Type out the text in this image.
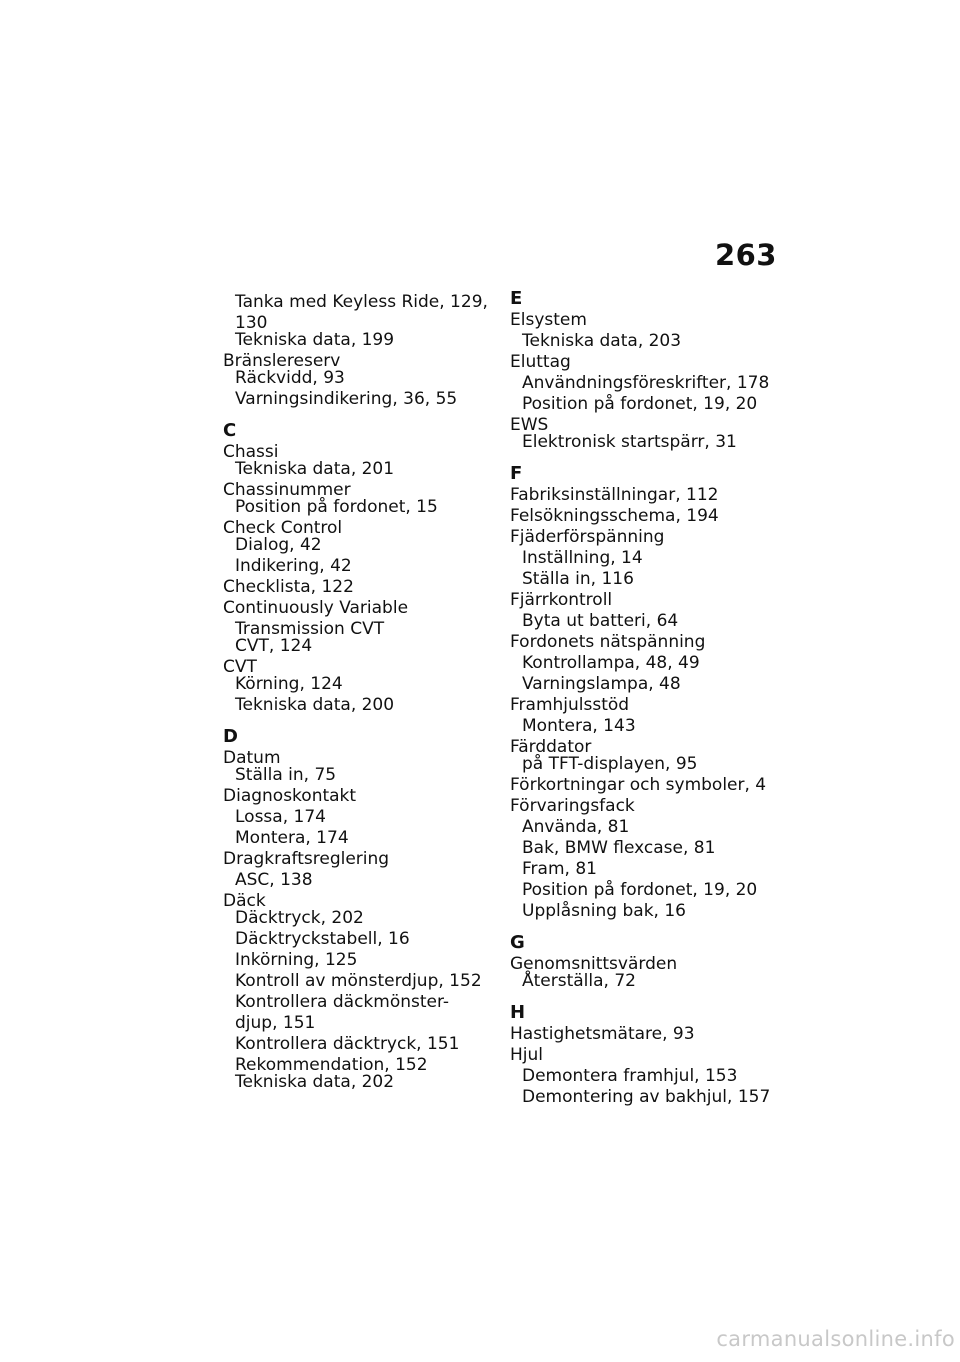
263
Tanka med Keyless Ride, 129,
130
Tekniska data, 199
Bränslereserv
Räckvidd, 93
Varningsindikering, 36, 55
C
Chassi
Tekniska data, 201
Chassinummer
Position på fordonet, 15
Check Control
Dialog, 42
Indikering, 42
Checklista, 122
Continuously Variable
Transmission CVT
CVT, 124
CVT
Körning, 124
Tekniska data, 200
D
Datum
Ställa in, 75
Diagnoskontakt
Lossa, 174
Montera, 174
Dragkraftsreglering
ASC, 138
Däck
Däcktryck, 202
Däcktryckstabell, 16
Inkörning, 125
Kontroll av mönsterdjup, 152
Kontrollera däckmönster-
djup, 151
Kontrollera däcktryck, 151
Rekommendation, 152
Tekniska data, 202
E
Elsystem
Tekniska data, 203
Eluttag
Användningsföreskrifter, 178
Position på fordonet, 19, 20
EWS
Elektronisk startspärr, 31
F
Fabriksinställningar, 112
Felsökningsschema, 194
Fjäderförspänning
Inställning, 14
Ställa in, 116
Fjärrkontroll
Byta ut batteri, 64
Fordonets nätspänning
Kontrollampa, 48, 49
Varningslampa, 48
Framhjulsstöd
Montera, 143
Färddator
på TFT-displayen, 95
Förkortningar och symboler, 4
Förvaringsfack
Använda, 81
Bak, BMW flexcase, 81
Fram, 81
Position på fordonet, 19, 20
Upplåsning bak, 16
G
Genomsnittsvärden
Återställa, 72
H
Hastighetsmätare, 93
Hjul
Demontera framhjul, 153
Demontering av bakhjul, 157
carmanualsonline.info
